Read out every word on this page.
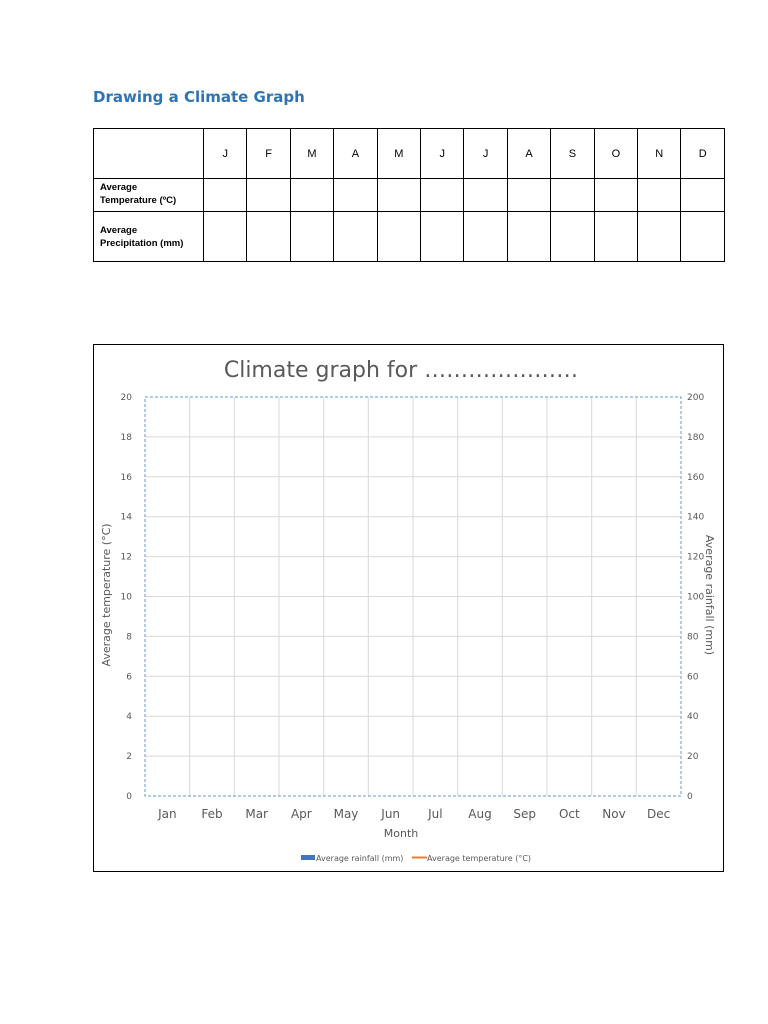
Drawing a Climate Graph
	J	F	M	A	M	J	J	A	S	O	N	D

Average
Temperature (ºC)												

Average
Precipitation (mm)												

Climate graph for …………………
0
2
4
6
8
10
12
14
16
18
20
0
20
40
60
80
100
120
140
160
180
200
Jan Feb Mar Apr May Jun Jul Aug Sep Oct Nov Dec
Month
Average temperature (°C)	Average rainfall (mm)
Average rainfall (mm)	Average temperature (°C)
